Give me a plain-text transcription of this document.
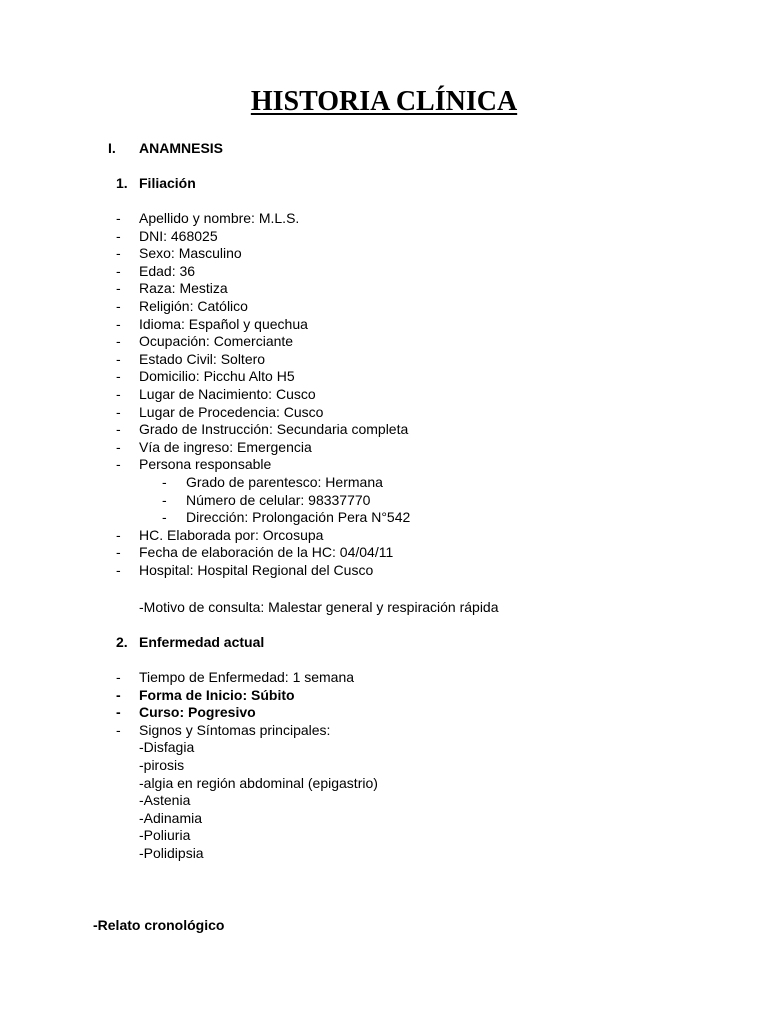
HISTORIA CLÍNICA
I. ANAMNESIS
1. Filiación
- Apellido y nombre: M.L.S.
- DNI: 468025
- Sexo: Masculino
- Edad: 36
- Raza: Mestiza
- Religión: Católico
- Idioma: Español y quechua
- Ocupación: Comerciante
- Estado Civil: Soltero
- Domicilio: Picchu Alto H5
- Lugar de Nacimiento: Cusco
- Lugar de Procedencia: Cusco
- Grado de Instrucción: Secundaria completa
- Vía de ingreso: Emergencia
- Persona responsable
- Grado de parentesco: Hermana
- Número de celular: 98337770
- Dirección: Prolongación Pera N°542
- HC. Elaborada por: Orcosupa
- Fecha de elaboración de la HC: 04/04/11
- Hospital: Hospital Regional del Cusco
-Motivo de consulta: Malestar general y respiración rápida
2. Enfermedad actual
- Tiempo de Enfermedad: 1 semana
- Forma de Inicio: Súbito
- Curso: Pogresivo
- Signos y Síntomas principales:
-Disfagia
-pirosis
-algia en región abdominal (epigastrio)
-Astenia
-Adinamia
-Poliuria
-Polidipsia
-Relato cronológico
